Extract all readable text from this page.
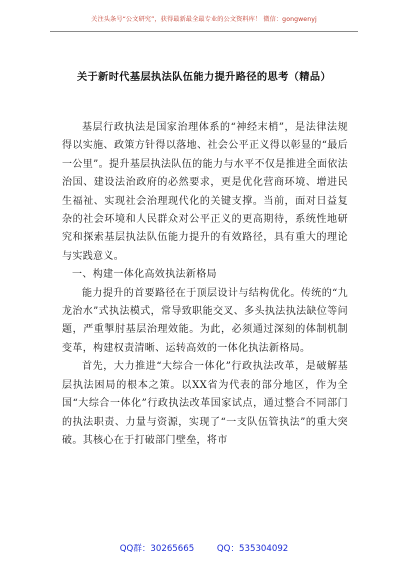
关注头条号“公文研究”，获得最新最全最专业的公文资料库！ 微信：gongwenyj
关于新时代基层执法队伍能力提升路径的思考（精品）

基层行政执法是国家治理体系的“神经末梢”，是法律法规得以实施、政策方针得以落地、社会公平正义得以彰显的“最后一公里”。提升基层执法队伍的能力与水平不仅是推进全面依法治国、建设法治政府的必然要求，更是优化营商环境、增进民生福祉、实现社会治理现代化的关键支撑。当前，面对日益复杂的社会环境和人民群众对公平正义的更高期待，系统性地研究和探索基层执法队伍能力提升的有效路径，具有重大的理论与实践意义。

一、构建一体化高效执法新格局

能力提升的首要路径在于顶层设计与结构优化。传统的“九龙治水”式执法模式，常导致职能交叉、多头执法执法缺位等问题，严重掣肘基层治理效能。为此，必须通过深刻的体制机制变革，构建权责清晰、运转高效的一体化执法新格局。

首先，大力推进“大综合一体化”行政执法改革，是破解基层执法困局的根本之策。以XX省为代表的部分地区，作为全国“大综合一体化”行政执法改革国家试点，通过整合不同部门的执法职责、力量与资源，实现了“一支队伍管执法”的重大突破。其核心在于打破部门壁垒，将市

QQ群：30265665	QQ：535304092
